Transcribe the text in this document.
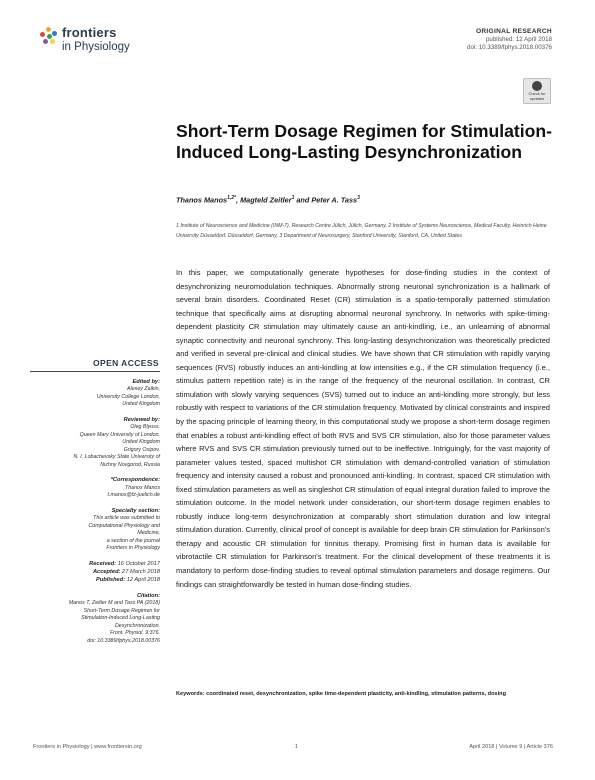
frontiers
in Physiology
ORIGINAL RESEARCH
published: 12 April 2018
doi: 10.3389/fphys.2018.00376
Check for
updates
Short-Term Dosage Regimen for Stimulation-Induced Long-Lasting Desynchronization
Thanos Manos$^{1,2*}$, Magteld Zeitler$^1$ and Peter A. Tass$^3$
1 Institute of Neuroscience and Medicine (INM-7), Research Centre Jülich, Jülich, Germany, 2 Institute of Systems Neuroscience, Medical Faculty, Heinrich Heine University Düsseldorf, Düsseldorf, Germany, 3 Department of Neurosurgery, Stanford University, Stanford, CA, United States
OPEN ACCESS
Edited by:
Alexey Zaikin,
University College London,
United Kingdom
Reviewed by:
Oleg Blyuss,
Queen Mary University of London,
United Kingdom
Grigory Osipov,
N. I. Lobachevsky State University of
Nizhny Novgorod, Russia
*Correspondence:
Thanos Manos
t.manos@fz-juelich.de
Specialty section:
This article was submitted to
Computational Physiology and
Medicine,
a section of the journal
Frontiers in Physiology
Received: 16 October 2017
Accepted: 27 March 2018
Published: 12 April 2018
Citation:
Manos T, Zeitler M and Tass PA (2018)
Short-Term Dosage Regimen for
Stimulation-Induced Long-Lasting
Desynchronization.
Front. Physiol. 9:376.
doi: 10.3389/fphys.2018.00376
In this paper, we computationally generate hypotheses for dose-finding studies in the context of desynchronizing neuromodulation techniques. Abnormally strong neuronal synchronization is a hallmark of several brain disorders. Coordinated Reset (CR) stimulation is a spatio-temporally patterned stimulation technique that specifically aims at disrupting abnormal neuronal synchrony. In networks with spike-timing-dependent plasticity CR stimulation may ultimately cause an anti-kindling, i.e., an unlearning of abnormal synaptic connectivity and neuronal synchrony. This long-lasting desynchronization was theoretically predicted and verified in several pre-clinical and clinical studies. We have shown that CR stimulation with rapidly varying sequences (RVS) robustly induces an anti-kindling at low intensities e.g., if the CR stimulation frequency (i.e., stimulus pattern repetition rate) is in the range of the frequency of the neuronal oscillation. In contrast, CR stimulation with slowly varying sequences (SVS) turned out to induce an anti-kindling more strongly, but less robustly with respect to variations of the CR stimulation frequency. Motivated by clinical constraints and inspired by the spacing principle of learning theory, in this computational study we propose a short-term dosage regimen that enables a robust anti-kindling effect of both RVS and SVS CR stimulation, also for those parameter values where RVS and SVS CR stimulation previously turned out to be ineffective. Intriguingly, for the vast majority of parameter values tested, spaced multishot CR stimulation with demand-controlled variation of stimulation frequency and intensity caused a robust and pronounced anti-kindling. In contrast, spaced CR stimulation with fixed stimulation parameters as well as singleshot CR stimulation of equal integral duration failed to improve the stimulation outcome. In the model network under consideration, our short-term dosage regimen enables to robustly induce long-term desynchronization at comparably short stimulation duration and low integral stimulation duration. Currently, clinical proof of concept is available for deep brain CR stimulation for Parkinson's therapy and acoustic CR stimulation for tinnitus therapy. Promising first in human data is available for vibrotactile CR stimulation for Parkinson's treatment. For the clinical development of these treatments it is mandatory to perform dose-finding studies to reveal optimal stimulation parameters and dosage regimens. Our findings can straightforwardly be tested in human dose-finding studies.
Keywords: coordinated reset, desynchronization, spike time-dependent plasticity, anti-kindling, stimulation patterns, dosing
Frontiers in Physiology | www.frontiersin.org	1	April 2018 | Volume 9 | Article 376
